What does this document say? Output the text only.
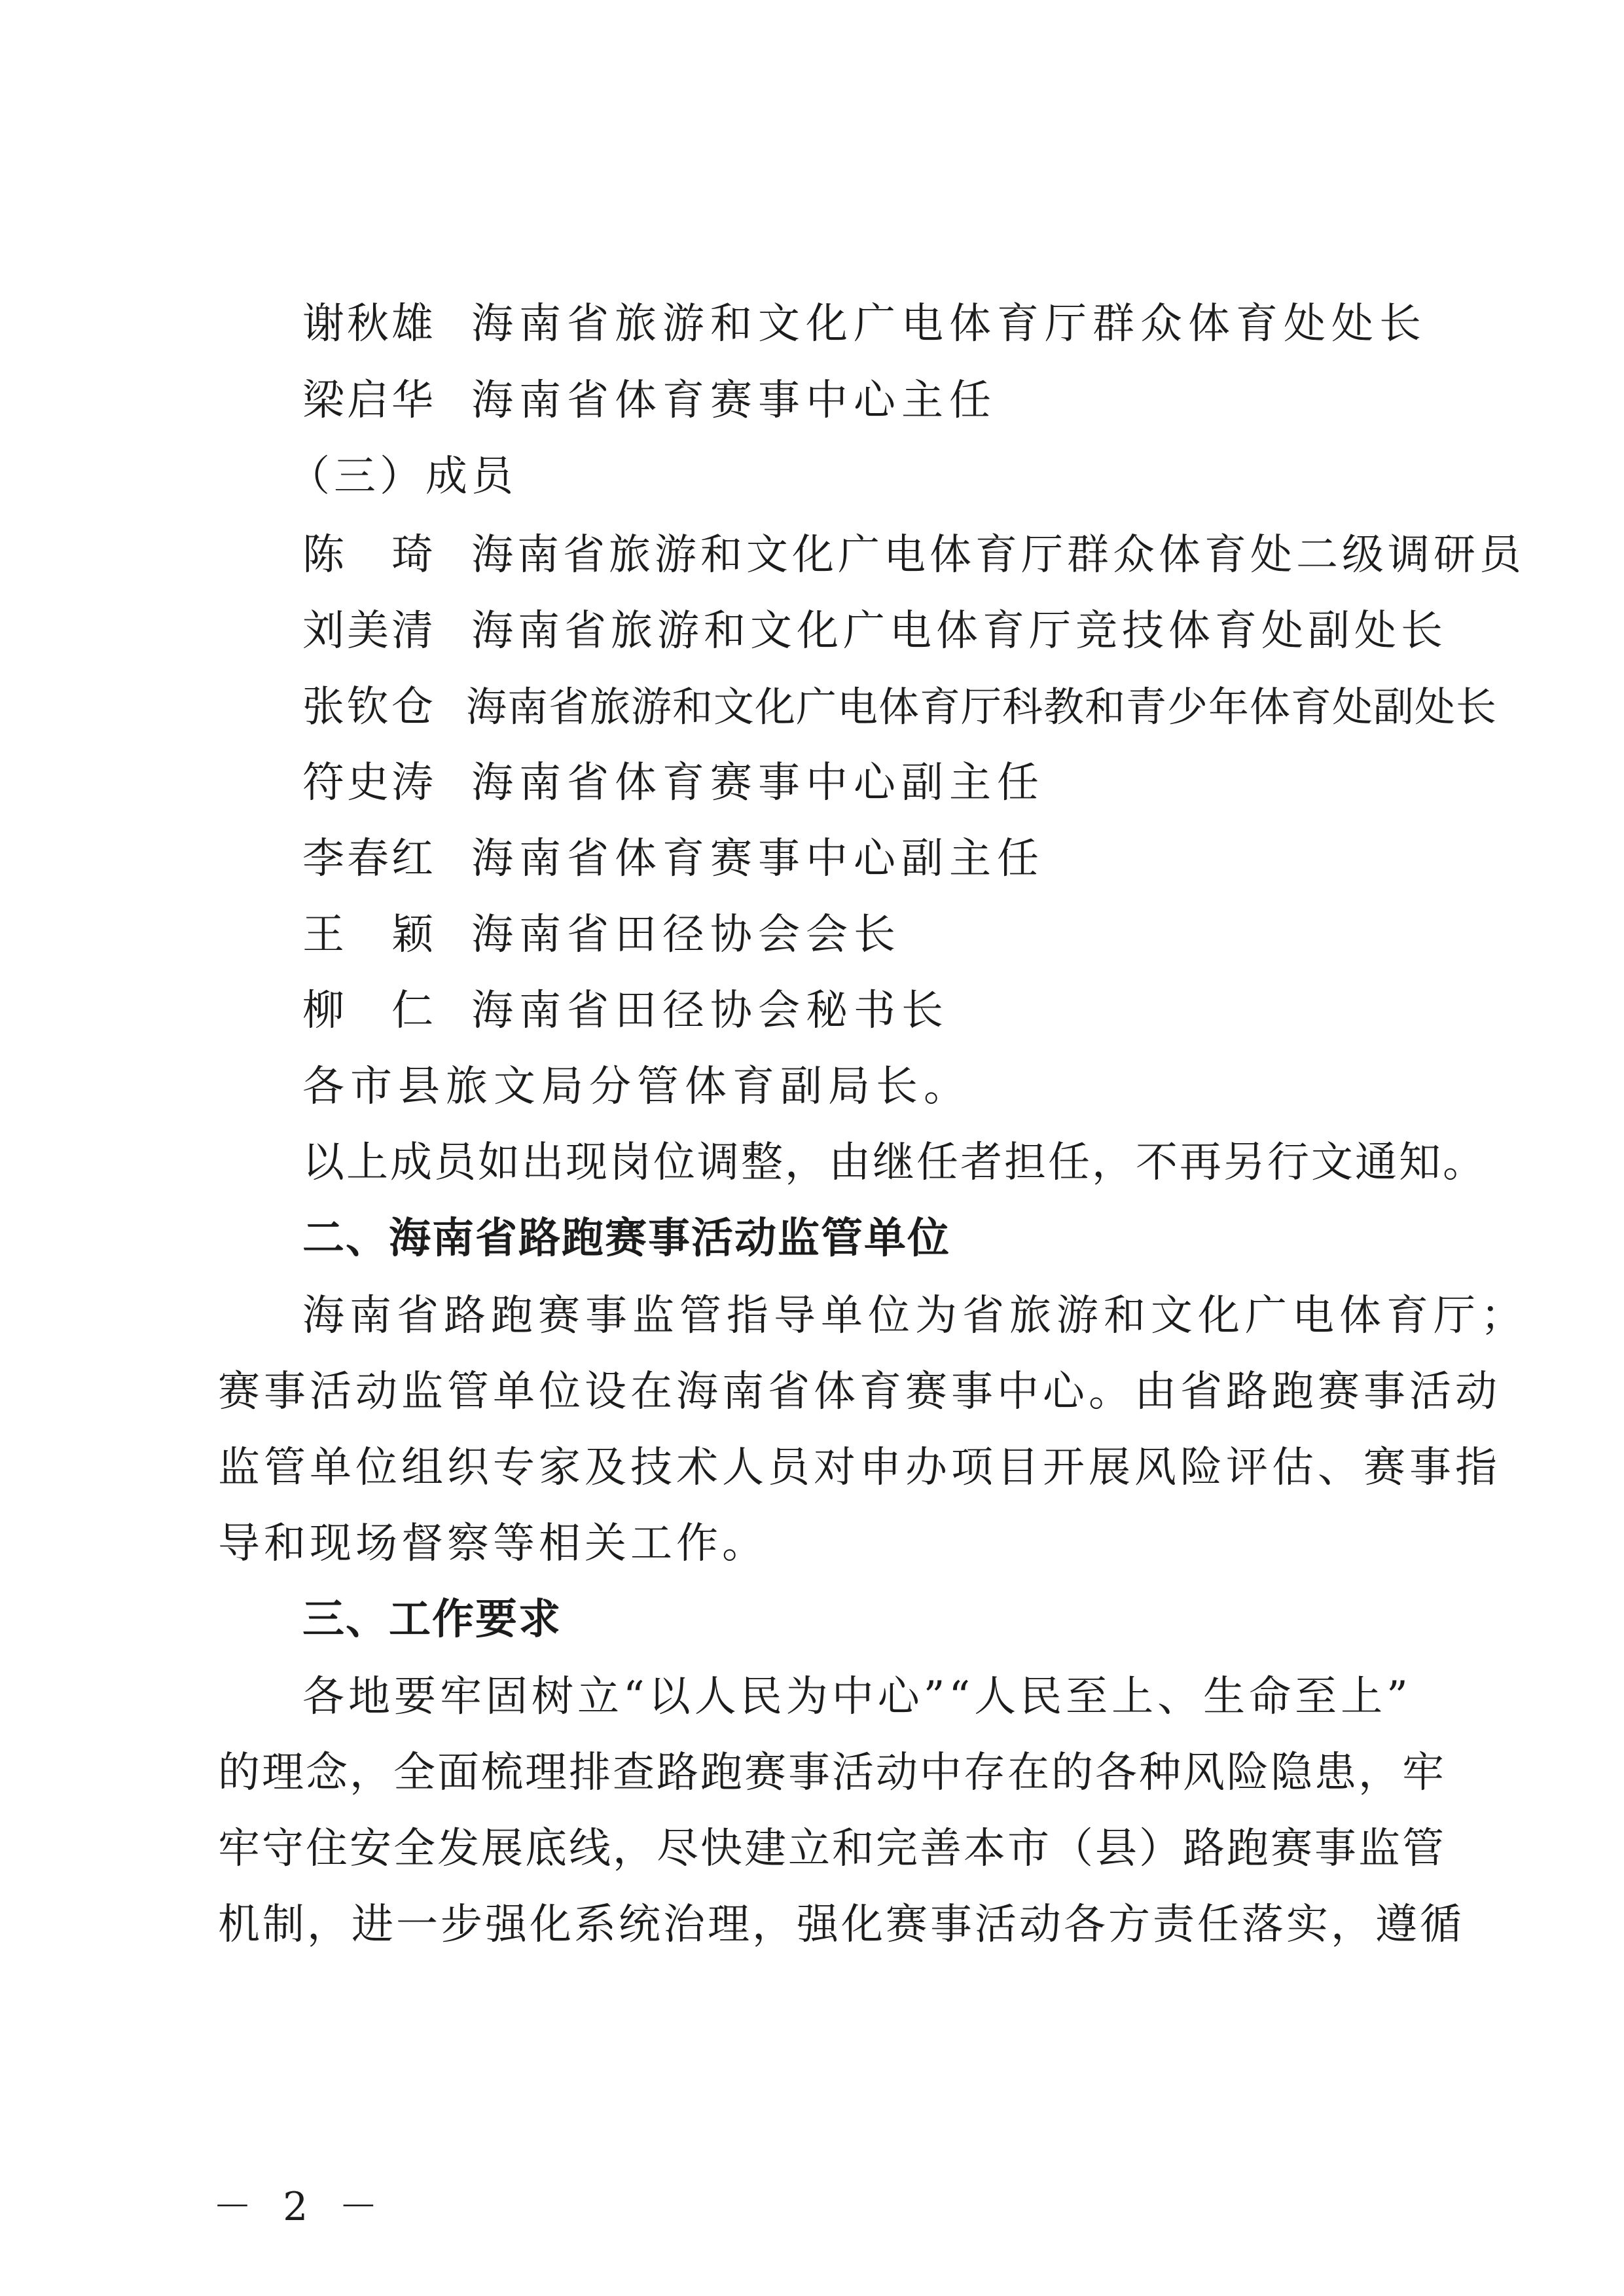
谢秋雄 海南省旅游和文化广电体育厅群众体育处处长
梁启华 海南省体育赛事中心主任
（三）成员
陈　琦 海南省旅游和文化广电体育厅群众体育处二级调研员
刘美清 海南省旅游和文化广电体育厅竞技体育处副处长
张钦仓 海南省旅游和文化广电体育厅科教和青少年体育处副处长
符史涛 海南省体育赛事中心副主任
李春红 海南省体育赛事中心副主任
王　颖 海南省田径协会会长
柳　仁 海南省田径协会秘书长
各市县旅文局分管体育副局长。
以上成员如出现岗位调整，由继任者担任，不再另行文通知。
二、海南省路跑赛事活动监管单位
海南省路跑赛事监管指导单位为省旅游和文化广电体育厅；
赛事活动监管单位设在海南省体育赛事中心。由省路跑赛事活动
监管单位组织专家及技术人员对申办项目开展风险评估、赛事指
导和现场督察等相关工作。
三、工作要求
各地要牢固树立“以人民为中心”“人民至上、生命至上”
的理念，全面梳理排查路跑赛事活动中存在的各种风险隐患，牢
牢守住安全发展底线，尽快建立和完善本市（县）路跑赛事监管
机制，进一步强化系统治理，强化赛事活动各方责任落实，遵循
－ 2 －
